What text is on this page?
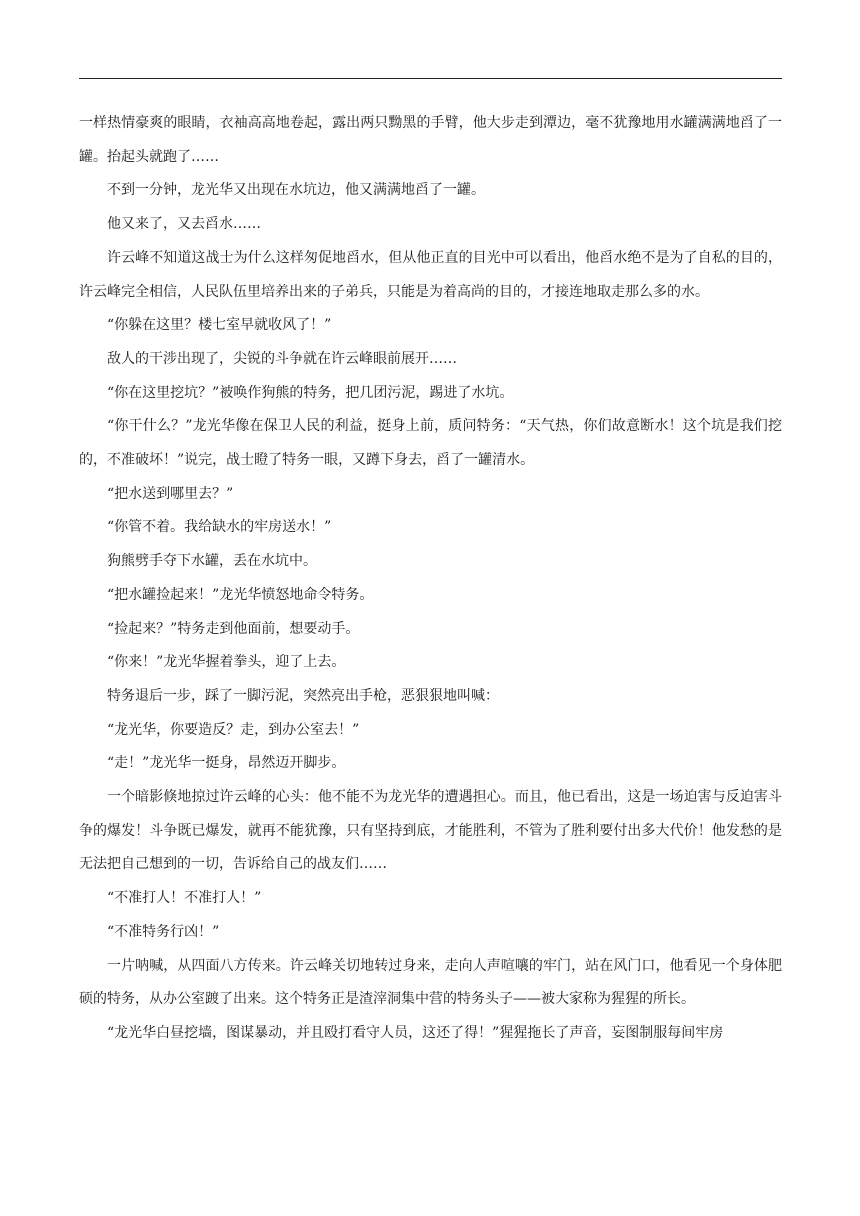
一样热情豪爽的眼睛，衣袖高高地卷起，露出两只黝黑的手臂，他大步走到潭边，毫不犹豫地用水罐满满地舀了一罐。抬起头就跑了……

不到一分钟，龙光华又出现在水坑边，他又满满地舀了一罐。

他又来了，又去舀水……

许云峰不知道这战士为什么这样匆促地舀水，但从他正直的目光中可以看出，他舀水绝不是为了自私的目的，许云峰完全相信，人民队伍里培养出来的子弟兵，只能是为着高尚的目的，才接连地取走那么多的水。

“你躲在这里？楼七室早就收风了！”

敌人的干涉出现了，尖锐的斗争就在许云峰眼前展开……

“你在这里挖坑？”被唤作狗熊的特务，把几团污泥，踢进了水坑。

“你干什么？”龙光华像在保卫人民的利益，挺身上前，质问特务：“天气热，你们故意断水！这个坑是我们挖的，不准破坏！”说完，战士瞪了特务一眼，又蹲下身去，舀了一罐清水。

“把水送到哪里去？”

“你管不着。我给缺水的牢房送水！”

狗熊劈手夺下水罐，丢在水坑中。

“把水罐捡起来！”龙光华愤怒地命令特务。

“捡起来？”特务走到他面前，想要动手。

“你来！”龙光华握着拳头，迎了上去。

特务退后一步，踩了一脚污泥，突然亮出手枪，恶狠狠地叫喊：

“龙光华，你要造反？走，到办公室去！”

“走！”龙光华一挺身，昂然迈开脚步。

一个暗影倏地掠过许云峰的心头：他不能不为龙光华的遭遇担心。而且，他已看出，这是一场迫害与反迫害斗争的爆发！斗争既已爆发，就再不能犹豫，只有坚持到底，才能胜利，不管为了胜利要付出多大代价！他发愁的是无法把自己想到的一切，告诉给自己的战友们……

“不准打人！不准打人！”

“不准特务行凶！”

一片呐喊，从四面八方传来。许云峰关切地转过身来，走向人声喧嚷的牢门，站在风门口，他看见一个身体肥硕的特务，从办公室踱了出来。这个特务正是渣滓洞集中营的特务头子——被大家称为猩猩的所长。

“龙光华白昼挖墙，图谋暴动，并且殴打看守人员，这还了得！”猩猩拖长了声音，妄图制服每间牢房
